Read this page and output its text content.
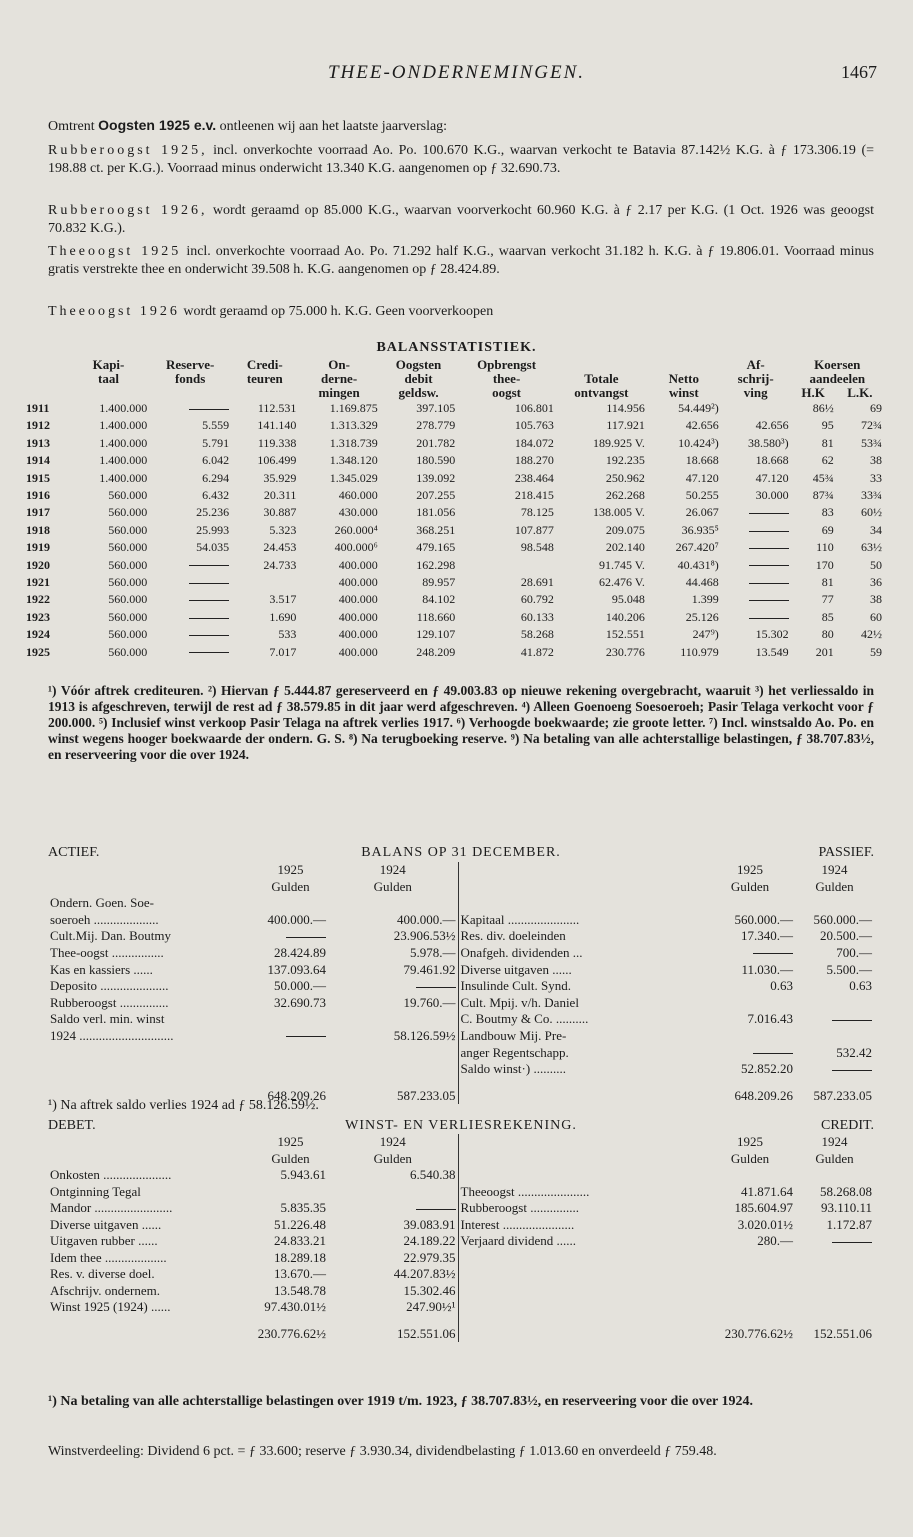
THEE-ONDERNEMINGEN.	1467
Omtrent Oogsten 1925 e.v. ontleenen wij aan het laatste jaarverslag:
Rubberoogst 1925, incl. onverkochte voorraad Ao. Po. 100.670 K.G., waarvan verkocht te Batavia 87.142½ K.G. à ƒ 173.306.19 (= 198.88 ct. per K.G.). Voorraad minus onderwicht 13.340 K.G. aangenomen op ƒ 32.690.73.
Rubberoogst 1926, wordt geraamd op 85.000 K.G., waarvan voorverkocht 60.960 K.G. à ƒ 2.17 per K.G. (1 Oct. 1926 was geoogst 70.832 K.G.).
Theeoogst 1925 incl. onverkochte voorraad Ao. Po. 71.292 half K.G., waarvan verkocht 31.182 h. K.G. à ƒ 19.806.01. Voorraad minus gratis verstrekte thee en onderwicht 39.508 h. K.G. aangenomen op ƒ 28.424.89.
Theeoogst 1926 wordt geraamd op 75.000 h. K.G. Geen voorverkoopen
BALANSSTATISTIEK.
	Kapi-	Reserve-	Credi-	On-	Oogsten	Opbrengst			Af-	Koersen	
	taal	fonds	teuren	derne-	debit	thee-	Totale	Netto	schrij-	aandeelen	
				mingen	geldsw.	oogst	ontvangst	winst	ving	H.K	L.K.
1911	1.400.000		112.531	1.169.875	397.105	106.801	114.956	54.449²)		86½	69
1912	1.400.000	5.559	141.140	1.313.329	278.779	105.763	117.921	42.656	42.656	95	72¾
1913	1.400.000	5.791	119.338	1.318.739	201.782	184.072	189.925 V.	10.424³)	38.580³)	81	53¾
1914	1.400.000	6.042	106.499	1.348.120	180.590	188.270	192.235	18.668	18.668	62	38
1915	1.400.000	6.294	35.929	1.345.029	139.092	238.464	250.962	47.120	47.120	45¾	33
1916	560.000	6.432	20.311	460.000	207.255	218.415	262.268	50.255	30.000	87¾	33¾
1917	560.000	25.236	30.887	430.000	181.056	78.125	138.005 V.	26.067		83	60½
1918	560.000	25.993	5.323	260.000⁴	368.251	107.877	209.075	36.935⁵		69	34
1919	560.000	54.035	24.453	400.000⁶	479.165	98.548	202.140	267.420⁷		110	63½
1920	560.000		24.733	400.000	162.298		91.745 V.	40.431⁸)		170	50
1921	560.000			400.000	89.957	28.691	62.476 V.	44.468		81	36
1922	560.000		3.517	400.000	84.102	60.792	95.048	1.399		77	38
1923	560.000		1.690	400.000	118.660	60.133	140.206	25.126		85	60
1924	560.000		533	400.000	129.107	58.268	152.551	247⁹)	15.302	80	42½
1925	560.000		7.017	400.000	248.209	41.872	230.776	110.979	13.549	201	59
¹) Vóór aftrek crediteuren. ²) Hiervan ƒ 5.444.87 gereserveerd en ƒ 49.003.83 op nieuwe rekening overgebracht, waaruit ³) het verliessaldo in 1913 is afgeschreven, terwijl de rest ad ƒ 38.579.85 in dit jaar werd afgeschreven. ⁴) Alleen Goenoeng Soesoeroeh; Pasir Telaga verkocht voor ƒ 200.000. ⁵) Inclusief winst verkoop Pasir Telaga na aftrek verlies 1917. ⁶) Verhoogde boekwaarde; zie groote letter. ⁷) Incl. winstsaldo Ao. Po. en winst wegens hooger boekwaarde der ondern. G. S. ⁸) Na terugboeking reserve. ⁹) Na betaling van alle achterstallige belastingen, ƒ 38.707.83½, en reserveering voor die over 1924.
ACTIEF.	BALANS OP 31 DECEMBER.	PASSIEF.
	1925	1924		1925	1924
	Gulden	Gulden		Gulden	Gulden
Ondern. Goen. Soe-					
soeroeh ....................	400.000.—	400.000.—	Kapitaal ......................	560.000.—	560.000.—
Cult.Mij. Dan. Boutmy		23.906.53½	Res. div. doeleinden	17.340.—	20.500.—
Thee-oogst ................	28.424.89	5.978.—	Onafgeh. dividenden ...		700.—
Kas en kassiers ......	137.093.64	79.461.92	Diverse uitgaven ......	11.030.—	5.500.—
Deposito .....................	50.000.—		Insulinde Cult. Synd.	0.63	0.63
Rubberoogst ...............	32.690.73	19.760.—	Cult. Mpij. v/h. Daniel		
Saldo verl. min. winst			C. Boutmy & Co. ..........	7.016.43	
1924 .............................		58.126.59½	Landbouw Mij. Pre-		
			anger Regentschapp.		532.42
			Saldo winst·) ..........	52.852.20	
	648.209.26	587.233.05		648.209.26	587.233.05
¹) Na aftrek saldo verlies 1924 ad ƒ 58.126.59½.
DEBET.	WINST- EN VERLIESREKENING.	CREDIT.
	1925	1924		1925	1924
	Gulden	Gulden		Gulden	Gulden
Onkosten .....................	5.943.61	6.540.38			
Ontginning Tegal			Theeoogst ......................	41.871.64	58.268.08
Mandor ........................	5.835.35		Rubberoogst ...............	185.604.97	93.110.11
Diverse uitgaven ......	51.226.48	39.083.91	Interest ......................	3.020.01½	1.172.87
Uitgaven rubber ......	24.833.21	24.189.22	Verjaard dividend ......	280.—	
Idem thee ...................	18.289.18	22.979.35			
Res. v. diverse doel.	13.670.—	44.207.83½			
Afschrijv. ondernem.	13.548.78	15.302.46			
Winst 1925 (1924) ......	97.430.01½	247.90½¹			
	230.776.62½	152.551.06		230.776.62½	152.551.06
¹) Na betaling van alle achterstallige belastingen over 1919 t/m. 1923, ƒ 38.707.83½, en reserveering voor die over 1924.
Winstverdeeling: Dividend 6 pct. = ƒ 33.600; reserve ƒ 3.930.34, dividendbelasting ƒ 1.013.60 en onverdeeld ƒ 759.48.
